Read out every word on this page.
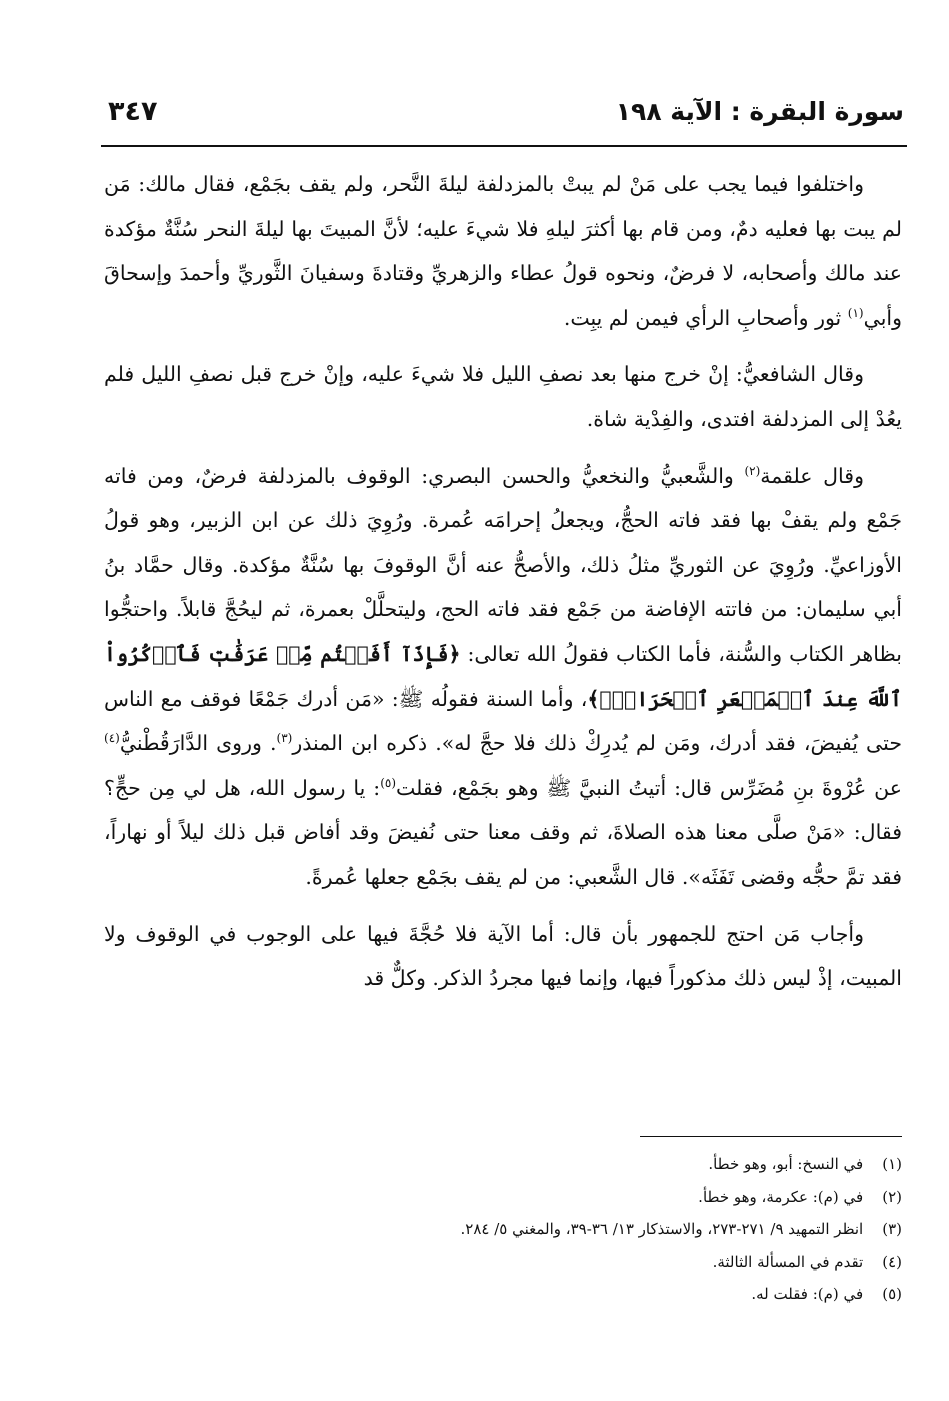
سورة البقرة : الآية ١٩٨
٣٤٧

واختلفوا فيما يجب على مَنْ لم يبتْ بالمزدلفة ليلةَ النَّحر، ولم يقف بجَمْع، فقال مالك: مَن لم يبت بها فعليه دمٌ، ومن قام بها أكثرَ ليلهِ فلا شيءَ عليه؛ لأنَّ المبيتَ بها ليلةَ النحر سُنَّةٌ مؤكدة عند مالك وأصحابه، لا فرضٌ، ونحوه قولُ عطاء والزهريِّ وقتادةَ وسفيانَ الثَّوريِّ وأحمدَ وإسحاقَ وأبي$^{(١)}$ ثور وأصحابِ الرأي فيمن لم يبِت.

وقال الشافعيُّ: إنْ خرج منها بعد نصفِ الليل فلا شيءَ عليه، وإنْ خرج قبل نصفِ الليل فلم يعُدْ إلى المزدلفة افتدى، والفِدْية شاة.

وقال علقمة$^{(٢)}$ والشَّعبيُّ والنخعيُّ والحسن البصري: الوقوف بالمزدلفة فرضٌ، ومن فاته جَمْع ولم يقفْ بها فقد فاته الحجُّ، ويجعلُ إحرامَه عُمرة. ورُوِيَ ذلك عن ابن الزبير، وهو قولُ الأوزاعيِّ. ورُوِيَ عن الثوريِّ مثلُ ذلك، والأصحُّ عنه أنَّ الوقوفَ بها سُنَّةٌ مؤكدة. وقال حمَّاد بنُ أبي سليمان: من فاتته الإفاضة من جَمْع فقد فاته الحج، وليتحلَّلْ بعمرة، ثم ليحُجَّ قابلاً. واحتجُّوا بظاهر الكتاب والسُّنة، فأما الكتاب فقولُ الله تعالى: ﴿فَإِذَآ أَفَضۡتُم مِّنۡ عَرَفَٰتٖ فَٱذۡكُرُواْ ٱللَّهَ عِندَ ٱلۡمَشۡعَرِ ٱلۡحَرَامِۖ﴾، وأما السنة فقولُه ﷺ: «مَن أدرك جَمْعًا فوقف مع الناس حتى يُفيضَ، فقد أدرك، ومَن لم يُدرِكْ ذلك فلا حجَّ له». ذكره ابن المنذر$^{(٣)}$. وروى الدَّارَقُطْنيُّ$^{(٤)}$ عن عُرْوةَ بنِ مُضَرِّس قال: أتيتُ النبيَّ ﷺ وهو بجَمْع، فقلت$^{(٥)}$: يا رسول الله، هل لي مِن حجٍّ؟ فقال: «مَنْ صلَّى معنا هذه الصلاةَ، ثم وقف معنا حتى نُفيضَ وقد أفاض قبل ذلك ليلاً أو نهاراً، فقد تمَّ حجُّه وقضى تَفَثَه». قال الشَّعبي: من لم يقف بجَمْع جعلها عُمرةً.

وأجاب مَن احتج للجمهور بأن قال: أما الآية فلا حُجَّةَ فيها على الوجوب في الوقوف ولا المبيت، إذْ ليس ذلك مذكوراً فيها، وإنما فيها مجردُ الذكر. وكلٌّ قد

(١) في النسخ: أبو، وهو خطأ.
(٢) في (م): عكرمة، وهو خطأ.
(٣) انظر التمهيد ٩/ ٢٧١-٢٧٣، والاستذكار ١٣/ ٣٦-٣٩، والمغني ٥/ ٢٨٤.
(٤) تقدم في المسألة الثالثة.
(٥) في (م): فقلت له.
